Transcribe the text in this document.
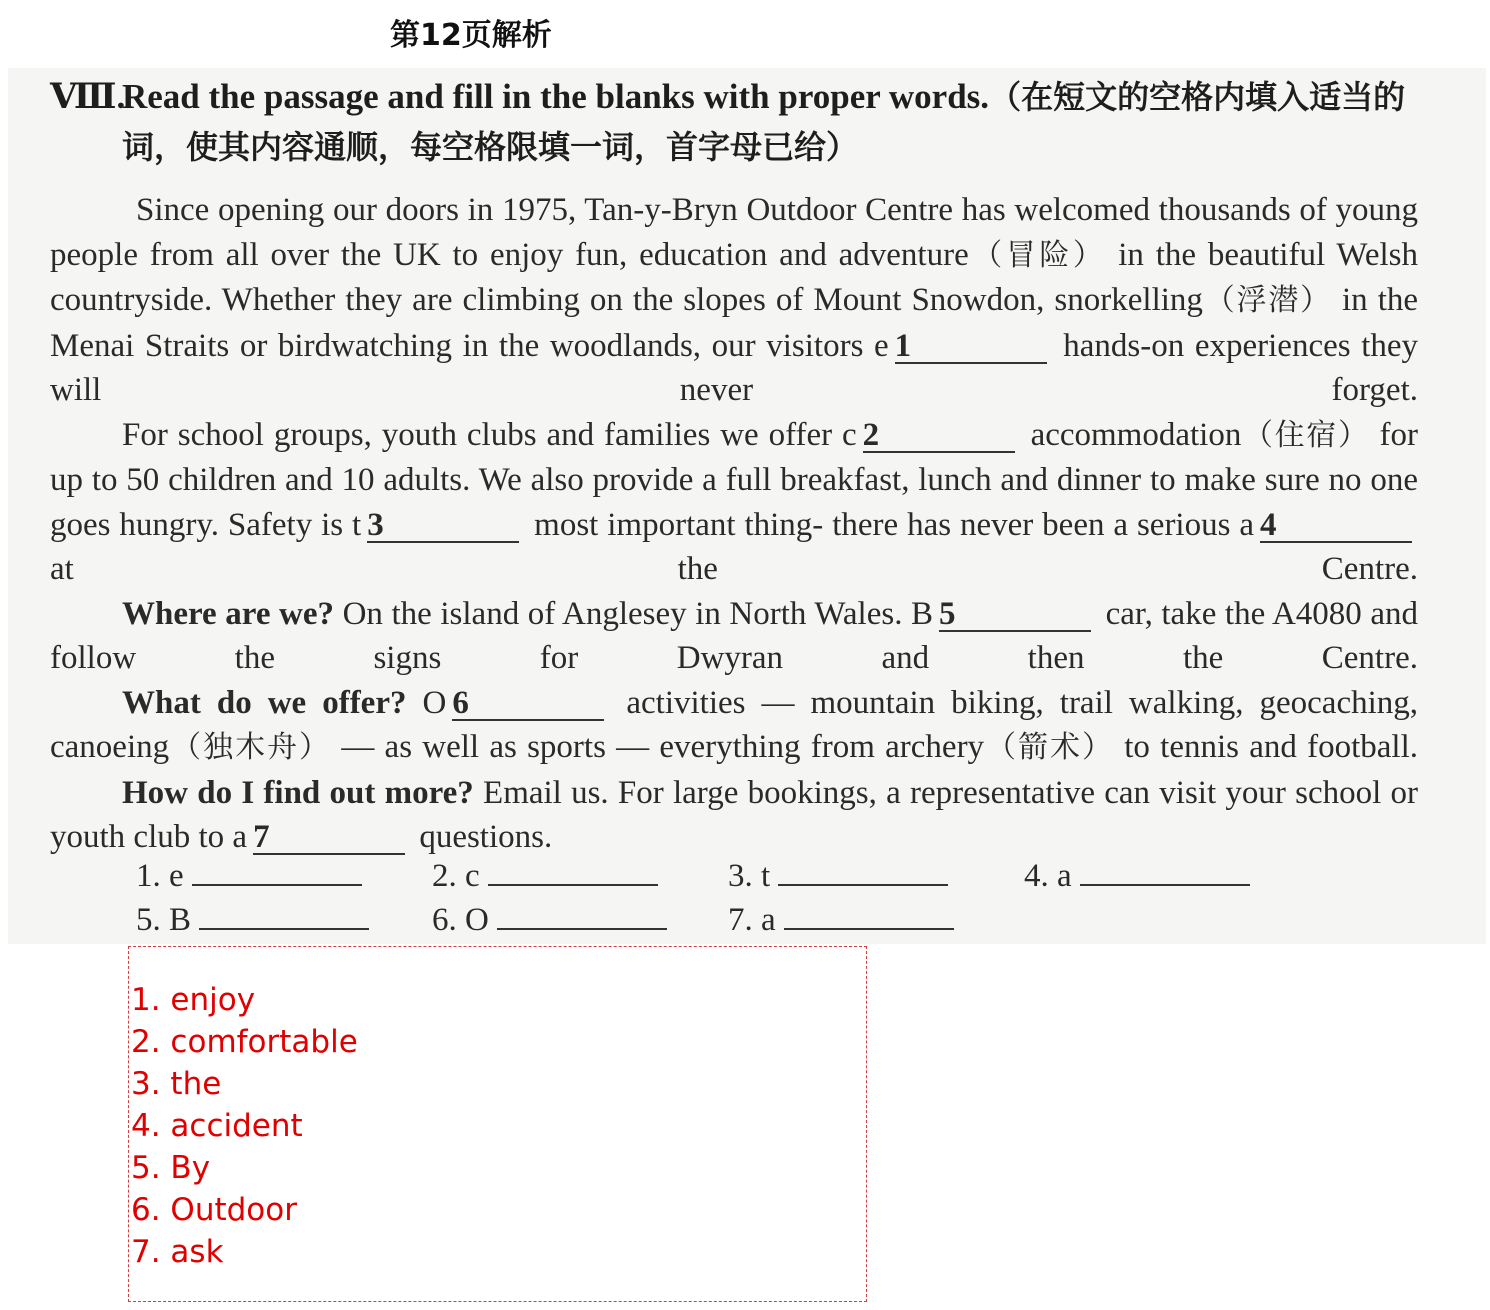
第12页解析
Ⅷ.
Read the passage and fill in the blanks with proper words.（在短文的空格内填入适当的词，使其内容通顺，每空格限填一词，首字母已给）
Since opening our doors in 1975, Tan-y-Bryn Outdoor Centre has welcomed thousands of young people from all over the UK to enjoy fun, education and adventure（冒险） in the beautiful Welsh countryside. Whether they are climbing on the slopes of Mount Snowdon, snorkelling（浮潜） in the Menai Straits or birdwatching in the woodlands, our visitors e 1	hands-on experiences they will never forget.
For school groups, youth clubs and families we offer c 2	accommodation（住宿） for up to 50 children and 10 adults. We also provide a full breakfast, lunch and dinner to make sure no one goes hungry. Safety is t 3	most important thing- there has never been a serious a 4 at the Centre.
Where are we? On the island of Anglesey in North Wales. B 5	car, take the A4080 and follow the signs for Dwyran and then the Centre.
What do we offer? O 6	activities — mountain biking, trail walking, geocaching, canoeing（独木舟） — as well as sports — everything from archery（箭术） to tennis and football.
How do I find out more? Email us. For large bookings, a representative can visit your school or youth club to a 7	questions.
1. e	2. c	3. t	4. a
5. B	6. O	7. a
1. enjoy
2. comfortable
3. the
4. accident
5. By
6. Outdoor
7. ask
